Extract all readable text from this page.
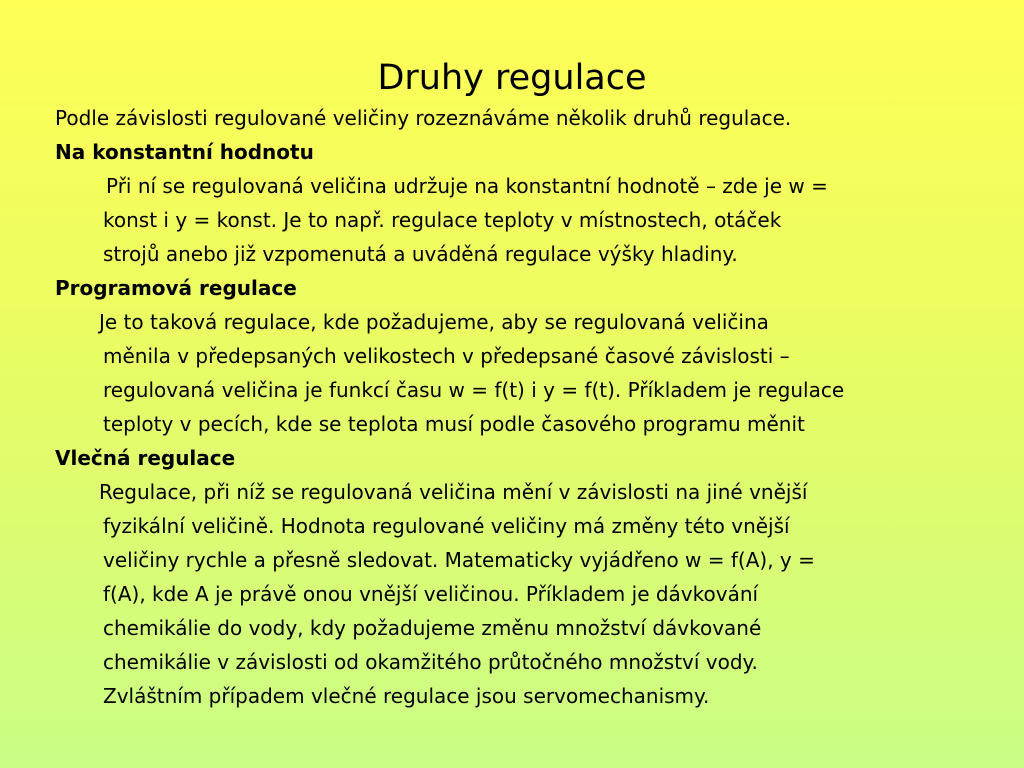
Druhy regulace

Podle závislosti regulované veličiny rozeznáváme několik druhů regulace.

Na konstantní hodnotu

Při ní se regulovaná veličina udržuje na konstantní hodnotě – zde je w =

konst i y = konst. Je to např. regulace teploty v místnostech, otáček

strojů anebo již vzpomenutá a uváděná regulace výšky hladiny.

Programová regulace

Je to taková regulace, kde požadujeme, aby se regulovaná veličina

měnila v předepsaných velikostech v předepsané časové závislosti –

regulovaná veličina je funkcí času w = f(t) i y = f(t). Příkladem je regulace

teploty v pecích, kde se teplota musí podle časového programu měnit

Vlečná regulace

Regulace, při níž se regulovaná veličina mění v závislosti na jiné vnější

fyzikální veličině. Hodnota regulované veličiny má změny této vnější

veličiny rychle a přesně sledovat. Matematicky vyjádřeno w = f(A), y =

f(A), kde A je právě onou vnější veličinou. Příkladem je dávkování

chemikálie do vody, kdy požadujeme změnu množství dávkované

chemikálie v závislosti od okamžitého průtočného množství vody.

Zvláštním případem vlečné regulace jsou servomechanismy.
